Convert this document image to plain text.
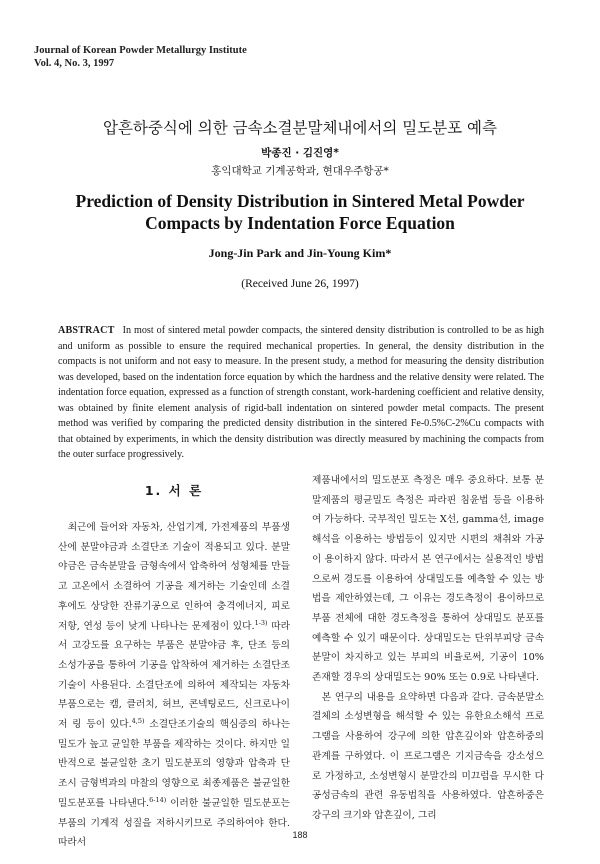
Journal of Korean Powder Metallurgy Institute
Vol. 4, No. 3, 1997
압흔하중식에 의한 금속소결분말체내에서의 밀도분포 예측
박종진 · 김진영*
홍익대학교 기계공학과, 현대우주항공*
Prediction of Density Distribution in Sintered Metal Powder
Compacts by Indentation Force Equation
Jong-Jin Park and Jin-Young Kim*
(Received June 26, 1997)
ABSTRACT In most of sintered metal powder compacts, the sintered density distribution is controlled to be as high and uniform as possible to ensure the required mechanical properties. In general, the density distribution in the compacts is not uniform and not easy to measure. In the present study, a method for measuring the density distribution was developed, based on the indentation force equation by which the hardness and the relative density were related. The indentation force equation, expressed as a function of strength constant, work-hardening coefficient and relative density, was obtained by finite element analysis of rigid-ball indentation on sintered powder metal compacts. The present method was verified by comparing the predicted density distribution in the sintered Fe-0.5%C-2%Cu compacts with that obtained by experiments, in which the density distribution was directly measured by machining the compacts from the outer surface progressively.
1. 서 론

최근에 들어와 자동차, 산업기계, 가전제품의 부품생산에 분말야금과 소결단조 기술이 적용되고 있다. 분말야금은 금속분말을 금형속에서 압축하여 성형체를 만들고 고온에서 소결하여 기공을 제거하는 기술인데 소결후에도 상당한 잔류기공으로 인하여 충격에너지, 피로저항, 연성 등이 낮게 나타나는 문제점이 있다.$^{1-3)}$ 따라서 고강도를 요구하는 부품은 분말야금 후, 단조 등의 소성가공을 통하여 기공을 압착하여 제거하는 소결단조 기술이 사용된다. 소결단조에 의하여 제작되는 자동차 부품으로는 캠, 클러치, 허브, 콘넥팅로드, 신크로나이저 링 등이 있다.$^{4,5)}$ 소결단조기술의 핵심증의 하나는 밀도가 높고 균일한 부품을 제작하는 것이다. 하지만 일반적으로 불균일한 초기 밀도분포의 영향과 압축과 단조시 금형벽과의 마찰의 영향으로 최종제품은 불균일한 밀도분포를 나타낸다.$^{6-14)}$ 이러한 불균일한 밀도분포는 부품의 기계적 성질을 저하시키므로 주의하여야 한다. 따라서

제품내에서의 밀도분포 측정은 매우 중요하다. 보통 분말제품의 평균밀도 측정은 파라핀 침윤법 등을 이용하여 가능하다. 국부적인 밀도는 X선, gamma선, image 해석을 이용하는 방법등이 있지만 시편의 채취와 가공이 용이하지 않다. 따라서 본 연구에서는 실용적인 방법으로써 경도를 이용하여 상대밀도를 예측할 수 있는 방법을 제안하였는데, 그 이유는 경도측정이 용이하므로 부품 전체에 대한 경도측정을 통하여 상대밀도 분포를 예측할 수 있기 때문이다. 상대밀도는 단위부피당 금속분말이 차지하고 있는 부피의 비율로써, 기공이 10% 존재할 경우의 상대밀도는 90% 또는 0.9로 나타낸다.

본 연구의 내용을 요약하면 다음과 같다. 금속분말소결체의 소성변형을 해석할 수 있는 유한요소해석 프로그램을 사용하여 강구에 의한 압흔깊이와 압흔하중의 관계를 구하였다. 이 프로그램은 기지금속을 강소성으로 가정하고, 소성변형시 분말간의 미끄럼을 무시한 다공성금속의 관련 유동법칙을 사용하였다. 압흔하중은 강구의 크기와 압흔깊이, 그리

188
